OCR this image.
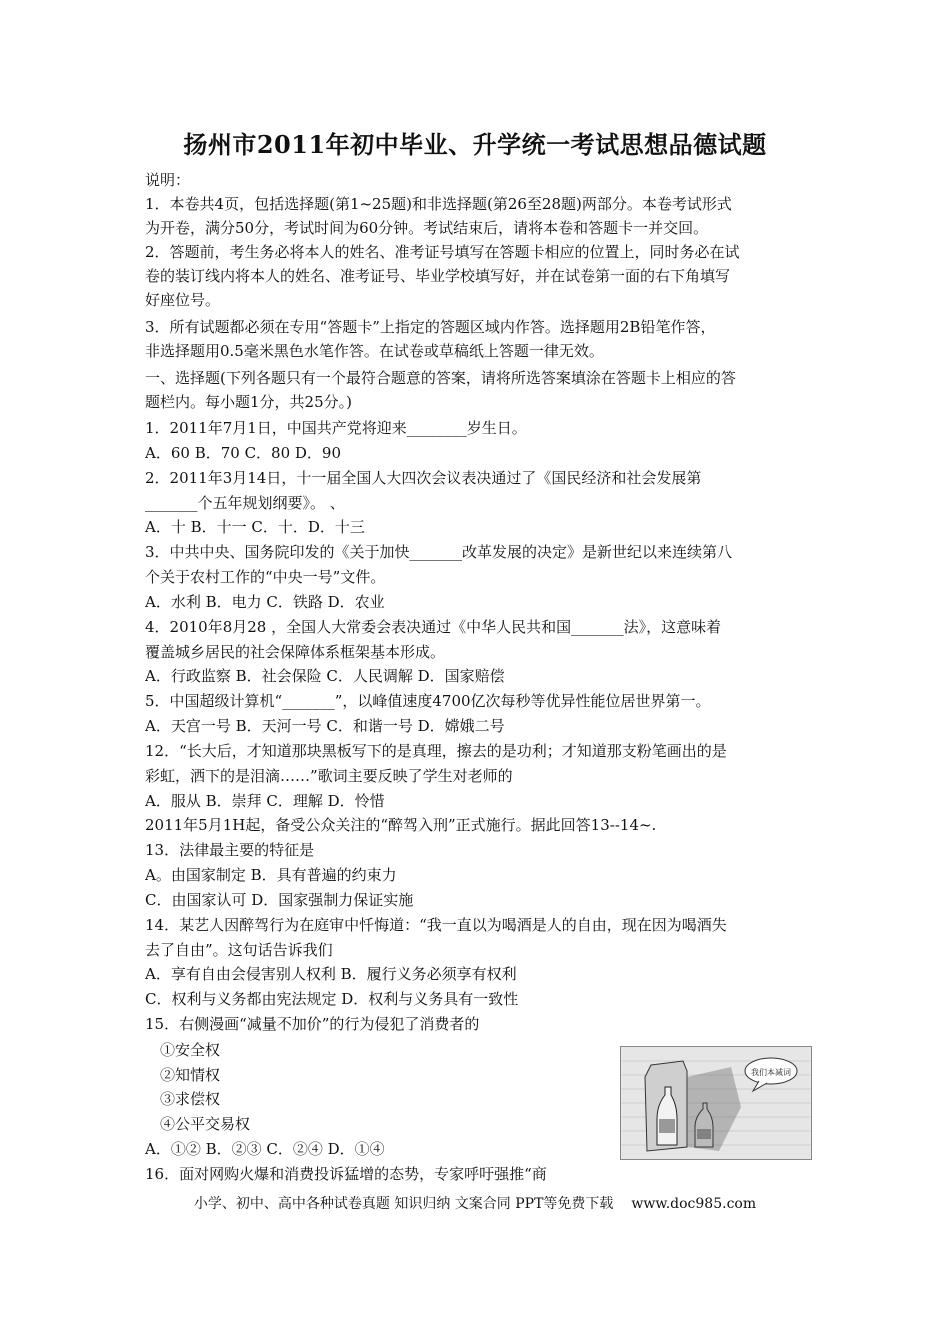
扬州市2011年初中毕业、升学统一考试思想品德试题
说明：
1．本卷共4页，包括选择题(第1~25题)和非选择题(第26至28题)两部分。本卷考试形式
为开卷，满分50分，考试时间为60分钟。考试结束后，请将本卷和答题卡一并交回。
2．答题前，考生务必将本人的姓名、准考证号填写在答题卡相应的位置上，同时务必在试
卷的装订线内将本人的姓名、准考证号、毕业学校填写好，并在试卷第一面的右下角填写
好座位号。
3．所有试题都必须在专用“答题卡”上指定的答题区域内作答。选择题用2B铅笔作答，
非选择题用0.5毫米黑色水笔作答。在试卷或草稿纸上答题一律无效。
一、选择题(下列各题只有一个最符合题意的答案，请将所选答案填涂在答题卡上相应的答
题栏内。每小题1分，共25分。)
1．2011年7月1日，中国共产党将迎来________岁生日。
A．60 B．70 C．80 D．90
2．2011年3月14日，十一届全国人大四次会议表决通过了《国民经济和社会发展第
_______个五年规划纲要》。 、
A．十 B．十一 C．十．D．十三
3．中共中央、国务院印发的《关于加快_______改革发展的决定》是新世纪以来连续第八
个关于农村工作的“中央一号”文件。
A．水利 B．电力 C．铁路 D．农业
4．2010年8月28 ，全国人大常委会表决通过《中华人民共和国_______法》，这意味着
覆盖城乡居民的社会保障体系框架基本形成。
A．行政监察 B．社会保险 C．人民调解 D．国家赔偿
5．中国超级计算机“_______”，以峰值速度4700亿次每秒等优异性能位居世界第一。
A．天宫一号 B．天河一号 C．和谐一号 D．嫦娥二号
12．“长大后，才知道那块黑板写下的是真理，擦去的是功利；才知道那支粉笔画出的是
彩虹，洒下的是泪滴……”歌词主要反映了学生对老师的
A．服从 B．崇拜 C．理解 D．怜惜
2011年5月1H起，备受公众关注的“醉驾入刑”正式施行。据此回答13--14~.
13．法律最主要的特征是
A。由国家制定 B．具有普遍的约束力
C．由国家认可 D．国家强制力保证实施
14．某艺人因醉驾行为在庭审中忏悔道：“我一直以为喝酒是人的自由，现在因为喝酒失
去了自由”。这句话告诉我们
A．享有自由会侵害别人权利 B．履行义务必须享有权利
C．权利与义务都由宪法规定 D．权利与义务具有一致性
15．右侧漫画“减量不加价”的行为侵犯了消费者的
①安全权
②知情权
③求偿权
④公平交易权
A．①② B．②③ C．②④ D．①④
16．面对网购火爆和消费投诉猛增的态势，专家呼吁强推“商
我们本减词
小学、初中、高中各种试卷真题 知识归纳 文案合同 PPT等免费下载 www.doc985.com
